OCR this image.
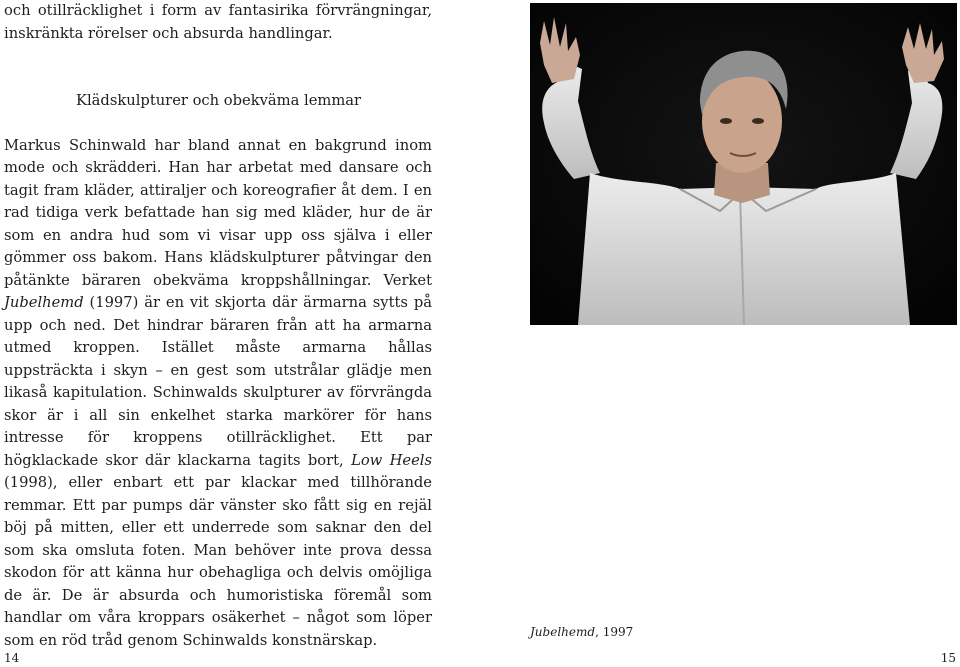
och otillräcklighet i form av fantasirika förvrängningar, inskränkta rörelser och absurda handlingar.

Klädskulpturer och obekväma lemmar

Markus Schinwald har bland annat en bakgrund inom mode och skrädderi. Han har arbetat med dansare och tagit fram kläder, attiraljer och koreografier åt dem. I en rad tidiga verk befattade han sig med kläder, hur de är som en andra hud som vi visar upp oss själva i eller gömmer oss bakom. Hans klädskulpturer påtvingar den påtänkte bäraren obekväma kroppshållningar. Verket Jubelhemd (1997) är en vit skjorta där ärmarna sytts på upp och ned. Det hindrar bäraren från att ha armarna utmed kroppen. Istället måste armarna hållas uppsträckta i skyn – en gest som utstrålar glädje men likaså kapitulation. Schinwalds skulpturer av förvrängda skor är i all sin enkelhet starka markörer för hans intresse för kroppens otillräcklighet. Ett par högklackade skor där klackarna tagits bort, Low Heels (1998), eller enbart ett par klackar med tillhörande remmar. Ett par pumps där vänster sko fått sig en rejäl böj på mitten, eller ett underrede som saknar den del som ska omsluta foten. Man behöver inte prova dessa skodon för att känna hur obehagliga och delvis omöjliga de är. De är absurda och humoristiska föremål som handlar om våra kroppars osäkerhet – något som löper som en röd tråd genom Schinwalds konstnärskap.	Jubelhemd, 1997
14	15
